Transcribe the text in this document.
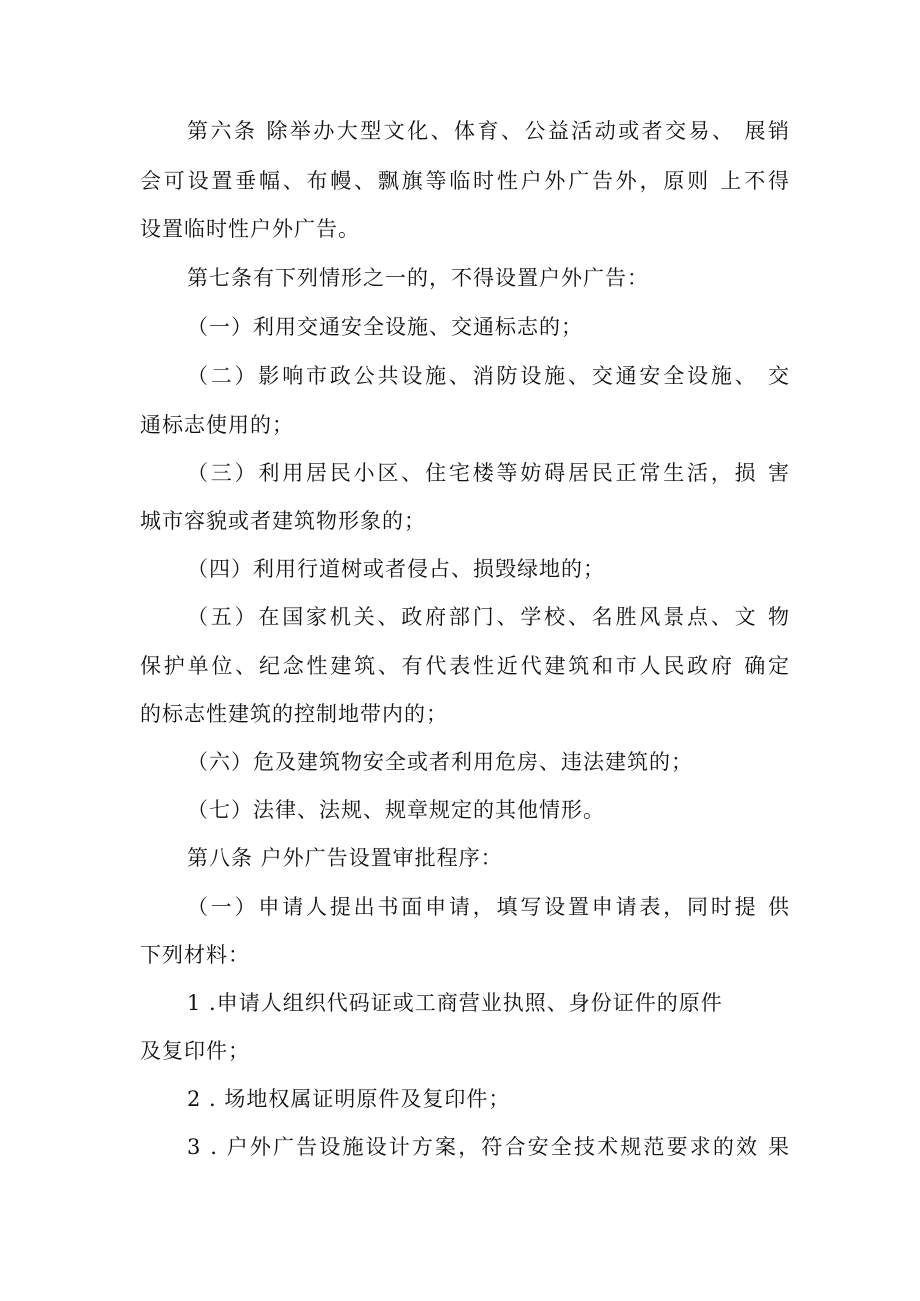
第六条 除举办大型文化、体育、公益活动或者交易、 展销
会可设置垂幅、布幔、飘旗等临时性户外广告外，原则 上不得
设置临时性户外广告。
第七条有下列情形之一的，不得设置户外广告：
（一）利用交通安全设施、交通标志的；
（二）影响市政公共设施、消防设施、交通安全设施、 交
通标志使用的；
（三）利用居民小区、住宅楼等妨碍居民正常生活，损 害
城市容貌或者建筑物形象的；
（四）利用行道树或者侵占、损毁绿地的；
（五）在国家机关、政府部门、学校、名胜风景点、文 物
保护单位、纪念性建筑、有代表性近代建筑和市人民政府 确定
的标志性建筑的控制地带内的；
（六）危及建筑物安全或者利用危房、违法建筑的；
（七）法律、法规、规章规定的其他情形。
第八条 户外广告设置审批程序：
（一）申请人提出书面申请，填写设置申请表，同时提 供
下列材料：
1 .申请人组织代码证或工商营业执照、身份证件的原件
及复印件；
2 . 场地权属证明原件及复印件；
3 . 户外广告设施设计方案，符合安全技术规范要求的效 果
